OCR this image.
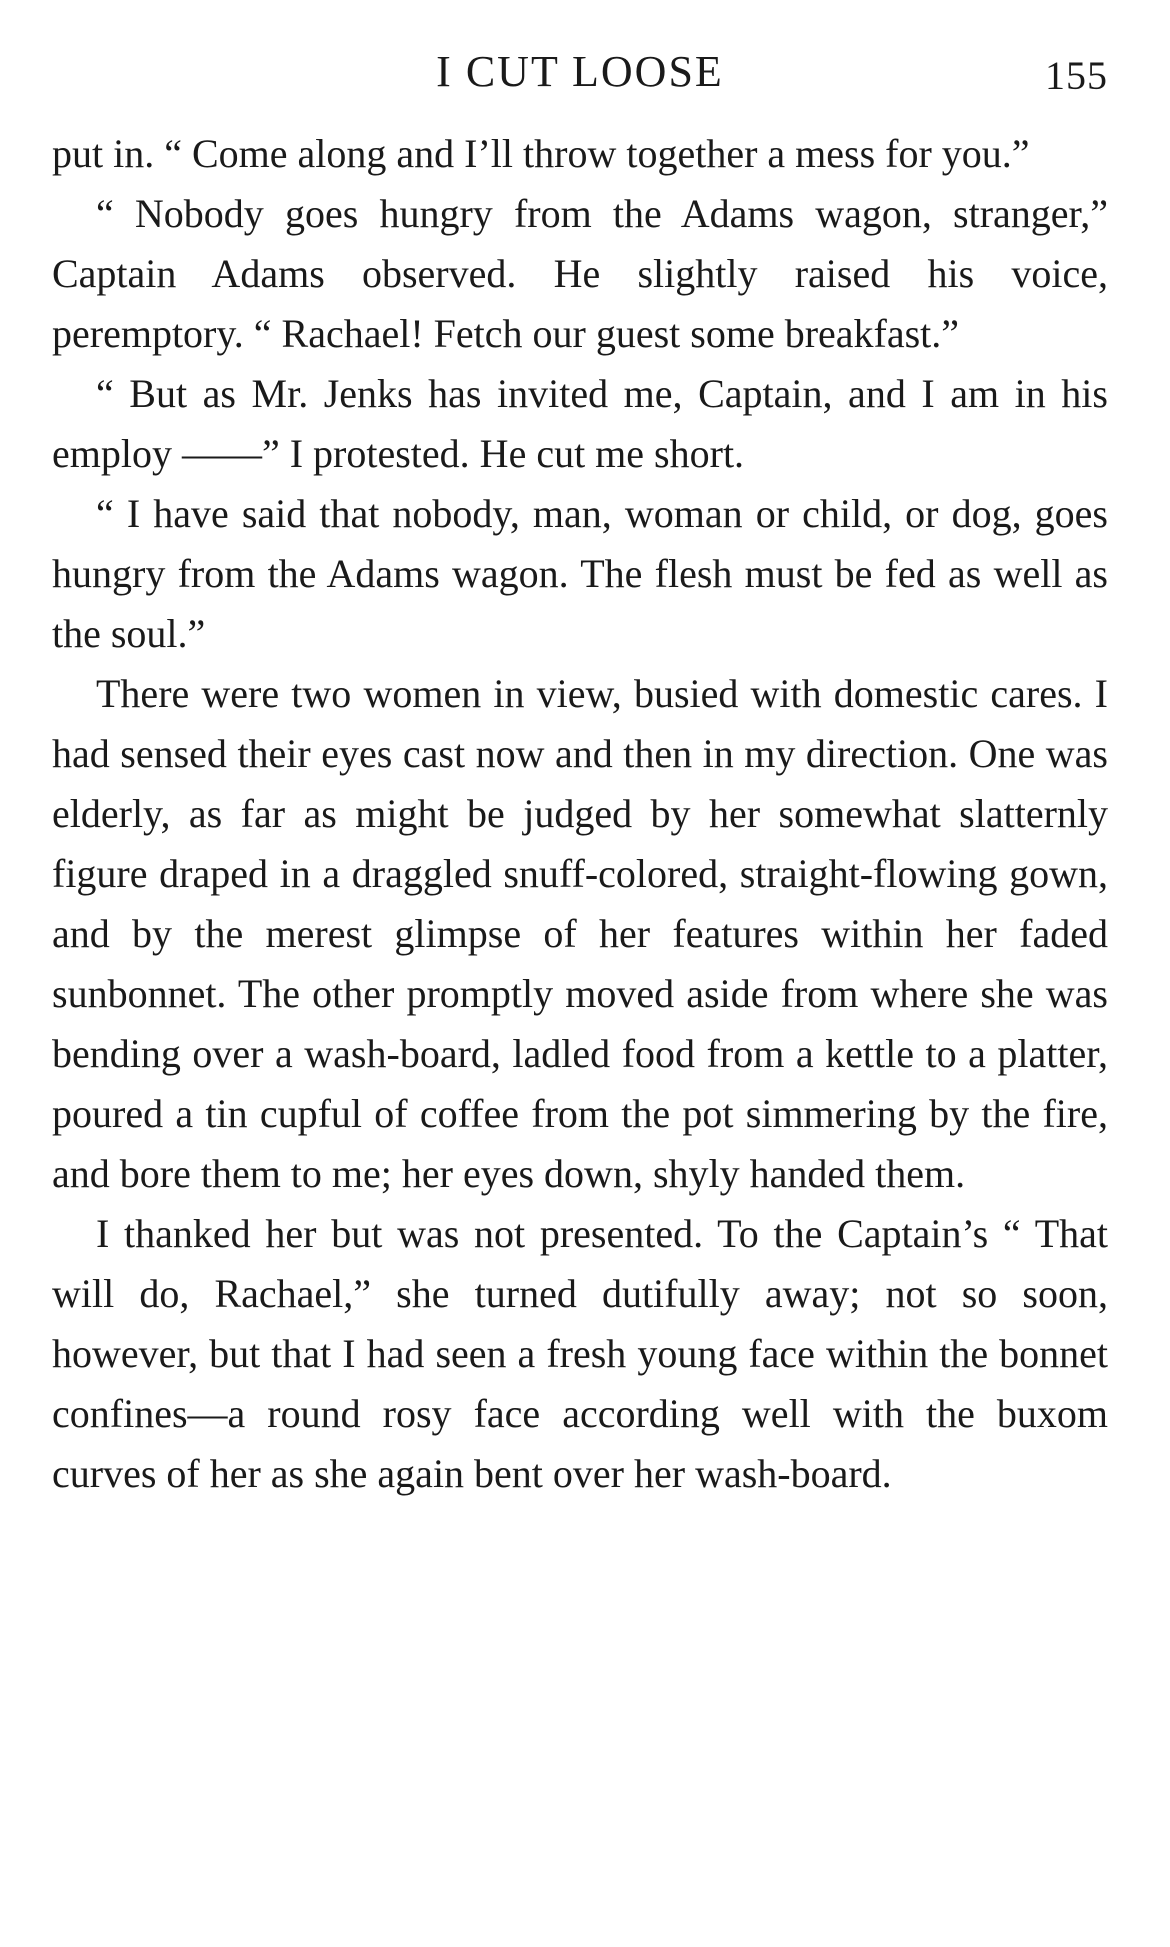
I CUT LOOSE	155

put in. “ Come along and I’ll throw together a mess for you.”

“ Nobody goes hungry from the Adams wagon, stranger,” Captain Adams observed. He slightly raised his voice, peremptory. “ Rachael! Fetch our guest some breakfast.”

“ But as Mr. Jenks has invited me, Captain, and I am in his employ ——” I protested. He cut me short.

“ I have said that nobody, man, woman or child, or dog, goes hungry from the Adams wagon. The flesh must be fed as well as the soul.”

There were two women in view, busied with domestic cares. I had sensed their eyes cast now and then in my direction. One was elderly, as far as might be judged by her somewhat slatternly figure draped in a draggled snuff-colored, straight-flowing gown, and by the merest glimpse of her features within her faded sunbonnet. The other promptly moved aside from where she was bending over a wash-board, ladled food from a kettle to a platter, poured a tin cupful of coffee from the pot simmering by the fire, and bore them to me; her eyes down, shyly handed them.

I thanked her but was not presented. To the Captain’s “ That will do, Rachael,” she turned dutifully away; not so soon, however, but that I had seen a fresh young face within the bonnet confines—a round rosy face according well with the buxom curves of her as she again bent over her wash-board.
